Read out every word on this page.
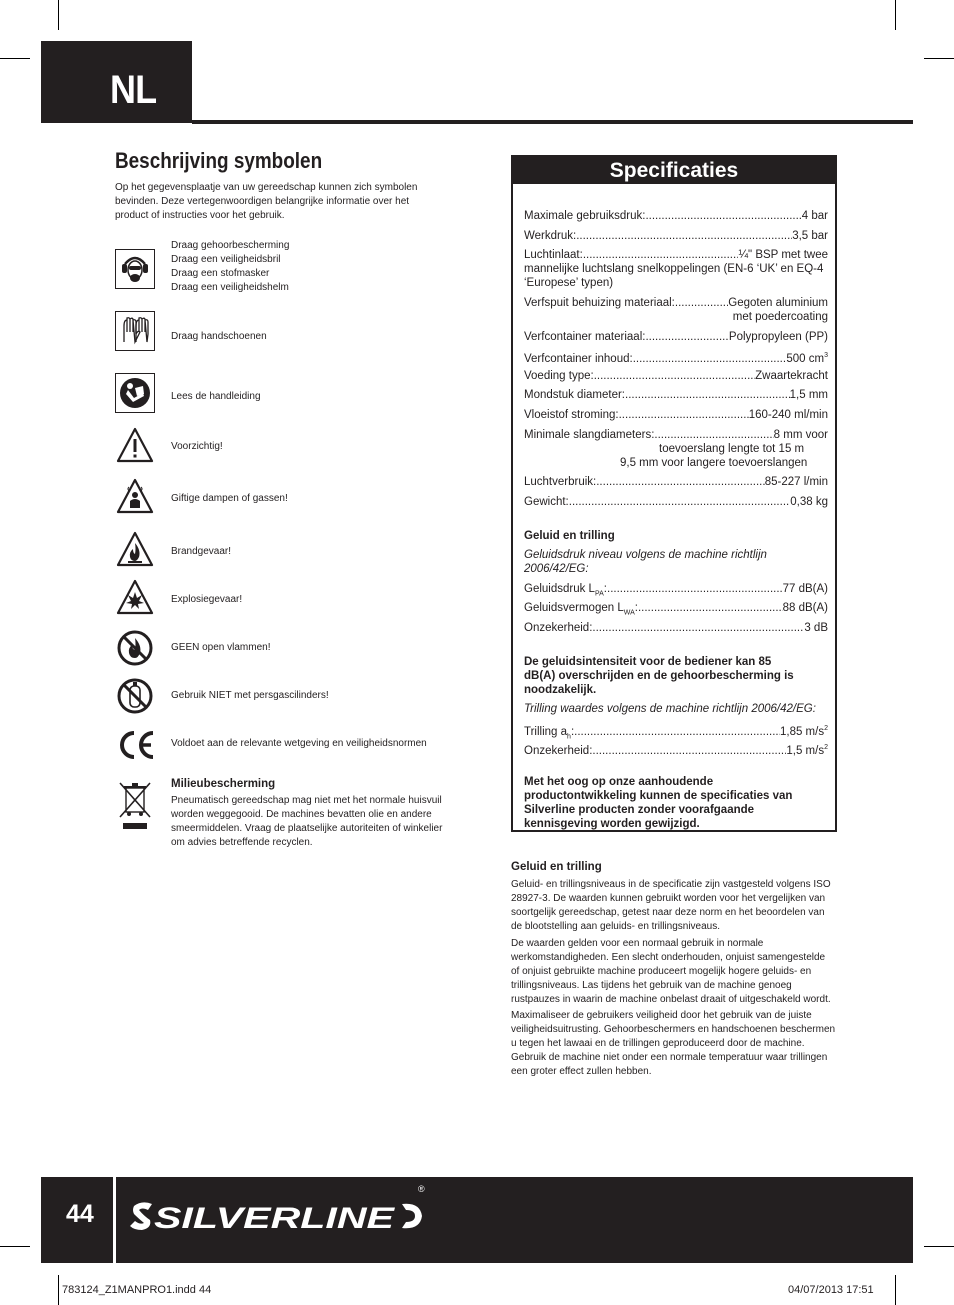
NL
Beschrijving symbolen
Op het gegevensplaatje van uw gereedschap kunnen zich symbolen bevinden. Deze vertegenwoordigen belangrijke informatie over het product of instructies voor het gebruik.
Draag gehoorbescherming
Draag een veiligheidsbril
Draag een stofmasker
Draag een veiligheidshelm
Draag handschoenen
Lees de handleiding
Voorzichtig!
Giftige dampen of gassen!
Brandgevaar!
Explosiegevaar!
GEEN open vlammen!
Gebruik NIET met persgascilinders!
Voldoet aan de relevante wetgeving en veiligheidsnormen
Milieubescherming
Pneumatisch gereedschap mag niet met het normale huisvuil worden weggegooid. De machines bevatten olie en andere smeermiddelen. Vraag de plaatselijke autoriteiten of winkelier om advies betreffende recyclen.
Specificaties
Maximale gebruiksdruk: .....	4 bar
Werkdruk: .....	3,5 bar
Luchtinlaat: .....	¼" BSP met twee
mannelijke luchtslang snelkoppelingen (EN-6 ‘UK’ en EQ-4 ‘Europese’ typen)
Verfspuit behuizing materiaal: .....	Gegoten aluminium
met poedercoating
Verfcontainer materiaal: .....	Polypropyleen (PP)
Verfcontainer inhoud: .....	500 $cm^3$
Voeding type: .....	Zwaartekracht
Mondstuk diameter: .....	1,5 mm
Vloeistof stroming: .....	160-240 ml/min
Minimale slangdiameters: .....	8 mm voor
toevoerslang lengte tot 15 m
9,5 mm voor langere toevoerslangen
Luchtverbruik: .....	85-227 l/min
Gewicht: .....	0,38 kg
Geluid en trilling
Geluidsdruk niveau volgens de machine richtlijn 2006/42/EG:
Geluidsdruk $L_{PA}$: .....	77 dB(A)
Geluidsvermogen $L_{WA}$: .....	88 dB(A)
Onzekerheid: .....	3 dB
De geluidsintensiteit voor de bediener kan 85 dB(A) overschrijden en de gehoorbescherming is noodzakelijk.
Trilling waardes volgens de machine richtlijn 2006/42/EG:
Trilling $a_h$: .....	1,85 $m/s^2$
Onzekerheid: .....	1,5 $m/s^2$
Met het oog op onze aanhoudende productontwikkeling kunnen de specificaties van Silverline producten zonder voorafgaande kennisgeving worden gewijzigd.
Geluid en trilling
Geluid- en trillingsniveaus in de specificatie zijn vastgesteld volgens ISO 28927-3. De waarden kunnen gebruikt worden voor het vergelijken van soortgelijk gereedschap, getest naar deze norm en het beoordelen van de blootstelling aan geluids- en trillingsniveaus.
De waarden gelden voor een normaal gebruik in normale werkomstandigheden. Een slecht onderhouden, onjuist samengestelde of onjuist gebruikte machine produceert mogelijk hogere geluids- en trillingsniveaus. Las tijdens het gebruik van de machine genoeg rustpauzes in waarin de machine onbelast draait of uitgeschakeld wordt.
Maximaliseer de gebruikers veiligheid door het gebruik van de juiste veiligheidsuitrusting. Gehoorbeschermers en handschoenen beschermen u tegen het lawaai en de trillingen geproduceerd door de machine. Gebruik de machine niet onder een normale temperatuur waar trillingen een groter effect zullen hebben.
44 SILVERLINE
®
783124_Z1MANPRO1.indd 44	04/07/2013 17:51
